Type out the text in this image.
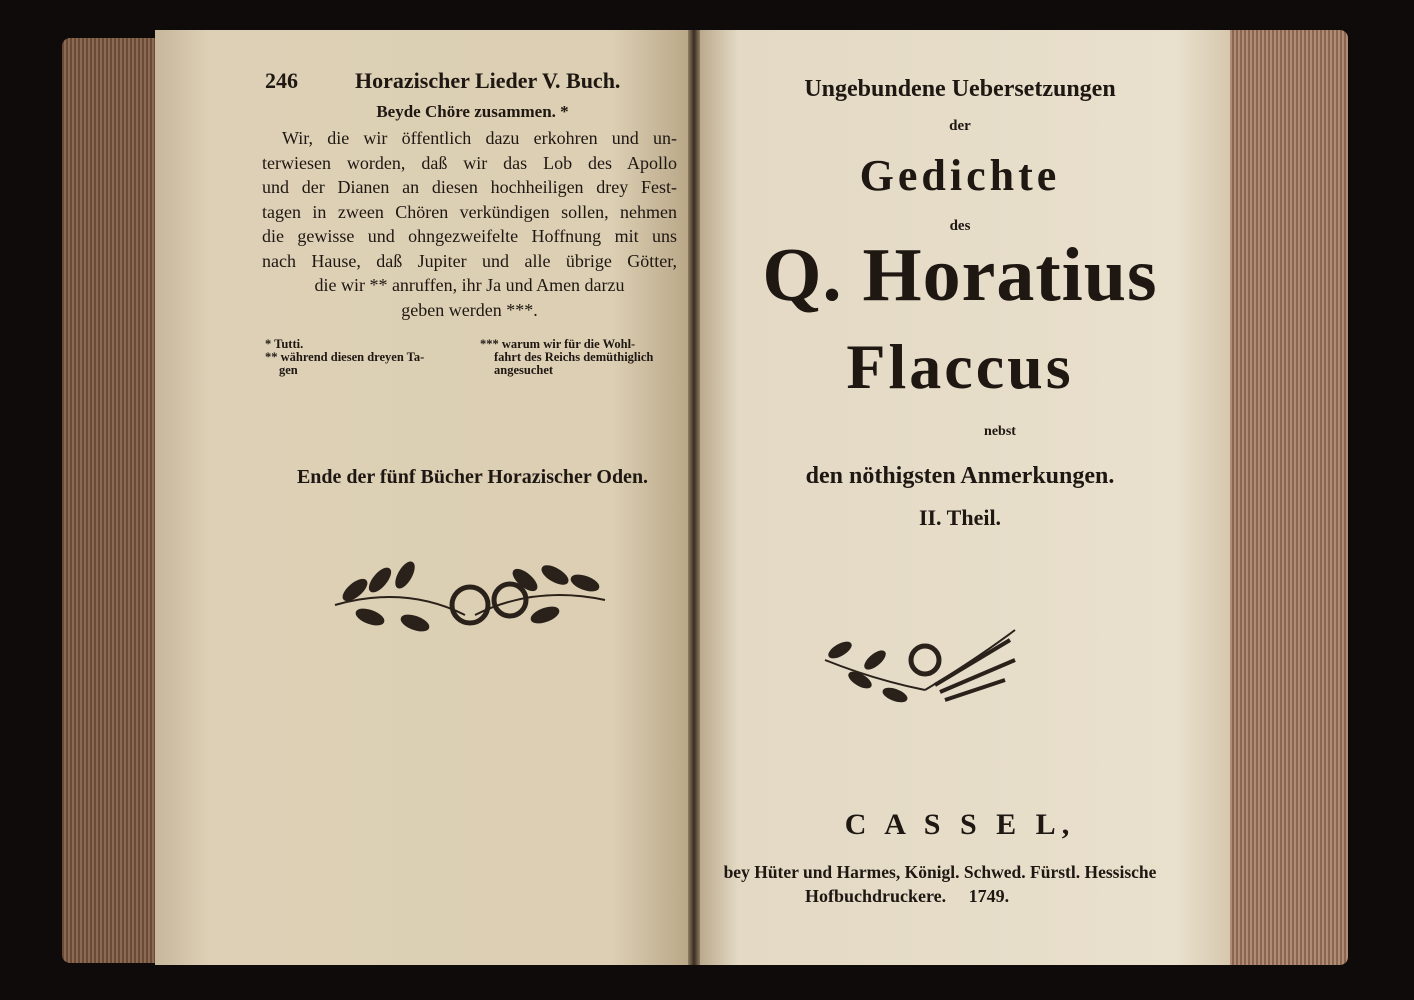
246	Horazischer Lieder V. Buch.
Beyde Chöre zusammen. *
Wir, die wir öffentlich dazu erkohren und un-
terwiesen worden, daß wir das Lob des Apollo
und der Dianen an diesen hochheiligen drey Fest-
tagen in zween Chören verkündigen sollen, nehmen
die gewisse und ohngezweifelte Hoffnung mit uns
nach Hause, daß Jupiter und alle übrige Götter,
die wir ** anruffen, ihr Ja und Amen darzu
geben werden ***.
* Tutti.
** während diesen dreyen Ta-
gen
*** warum wir für die Wohl-
fahrt des Reichs demüthiglich
angesuchet
Ende der fünf Bücher Horazischer Oden.
Ungebundene Uebersetzungen
der
Gedichte
des
Q. Horatius
Flaccus
nebst
den nöthigsten Anmerkungen.
II. Theil.
C A S S E L,
bey Hüter und Harmes, Königl. Schwed. Fürstl. Hessische
Hofbuchdruckere. 1749.
